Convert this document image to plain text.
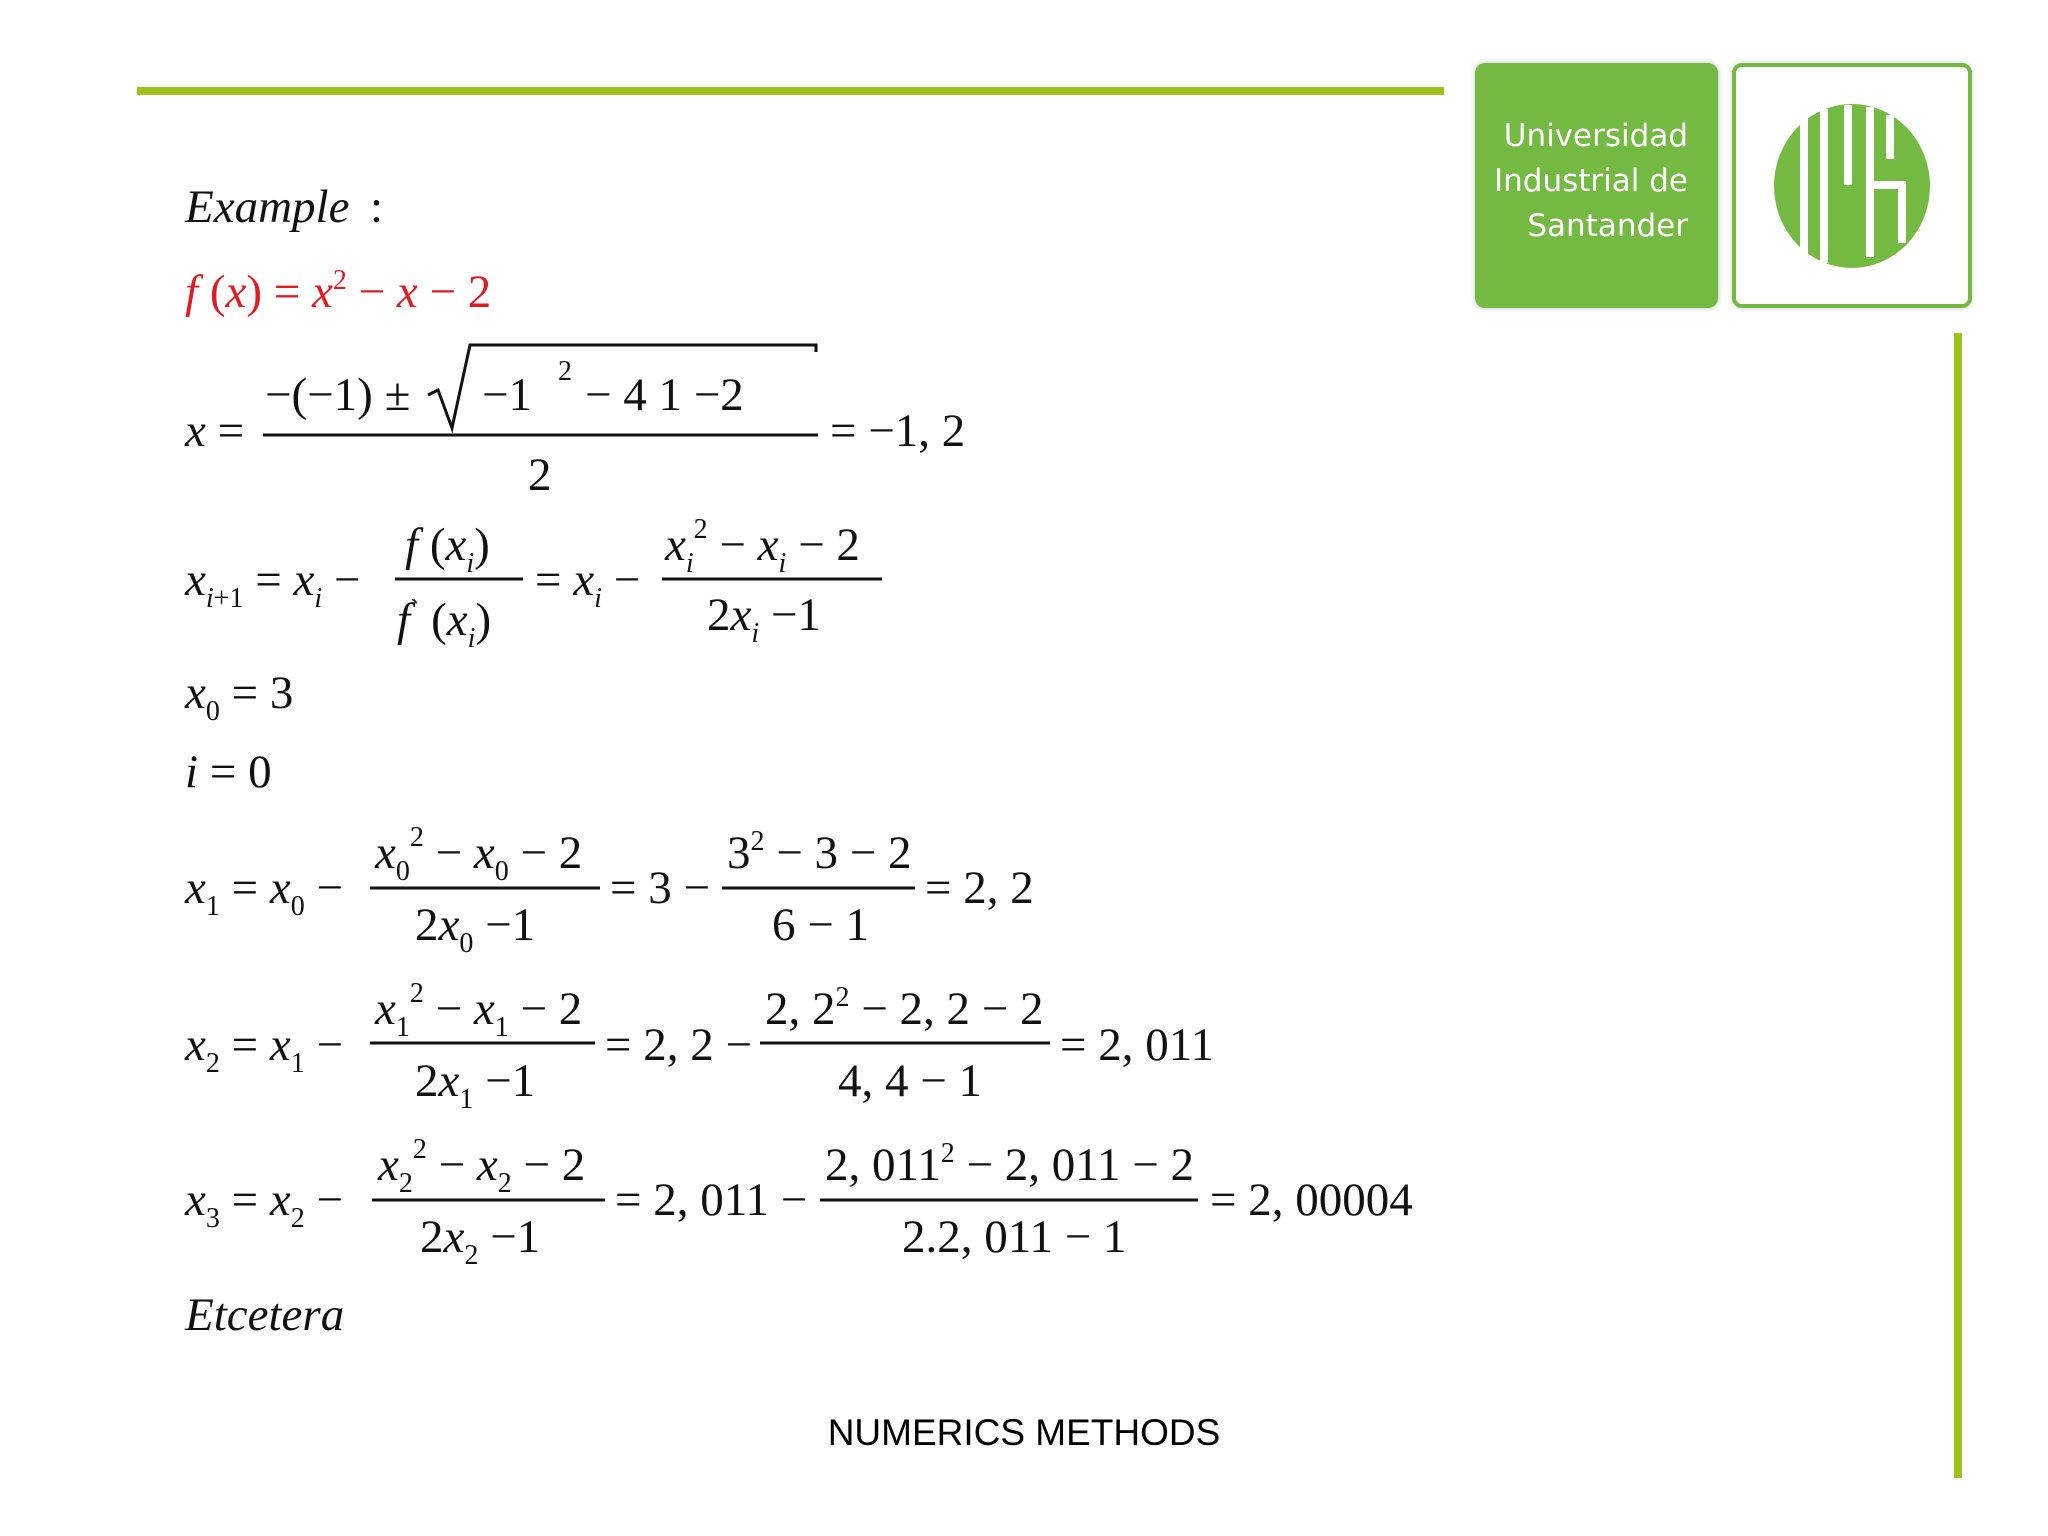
Universidad
Industrial de
Santander
Example :
f $(x) = x^2 - x - 2$
x =
−(−1) ± −1 2 − 4 1 −2
2
= −1, 2
$x_i+1 = x_i$ −
f $(x_i)$
f` $(x_i)$
= $x_i$ −
$x_i^2 - x_i - 2$
$2x_i -1$
$x_0 = 3$
i = 0
$x_1 = x_0$ −
$x_0^2 - x_0 - 2$
$2x_0 -1$
= 3 −
$3^2 - 3 - 2$
6 − 1
= 2, 2
$x_2 = x_1$ −
$x_1^2 - x_1 - 2$
$2x_1 -1$
= 2, 2 −
2, $2^2 - 2$, 2 − 2
4, 4 − 1
= 2, 011
$x_3 = x_2$ −
$x_2^2 - x_2 - 2$
$2x_2 -1$
= 2, 011 −
2, $011^2 - 2$, 011 − 2
2.2, 011 − 1
= 2, 00004
Etcetera
NUMERICS METHODS
